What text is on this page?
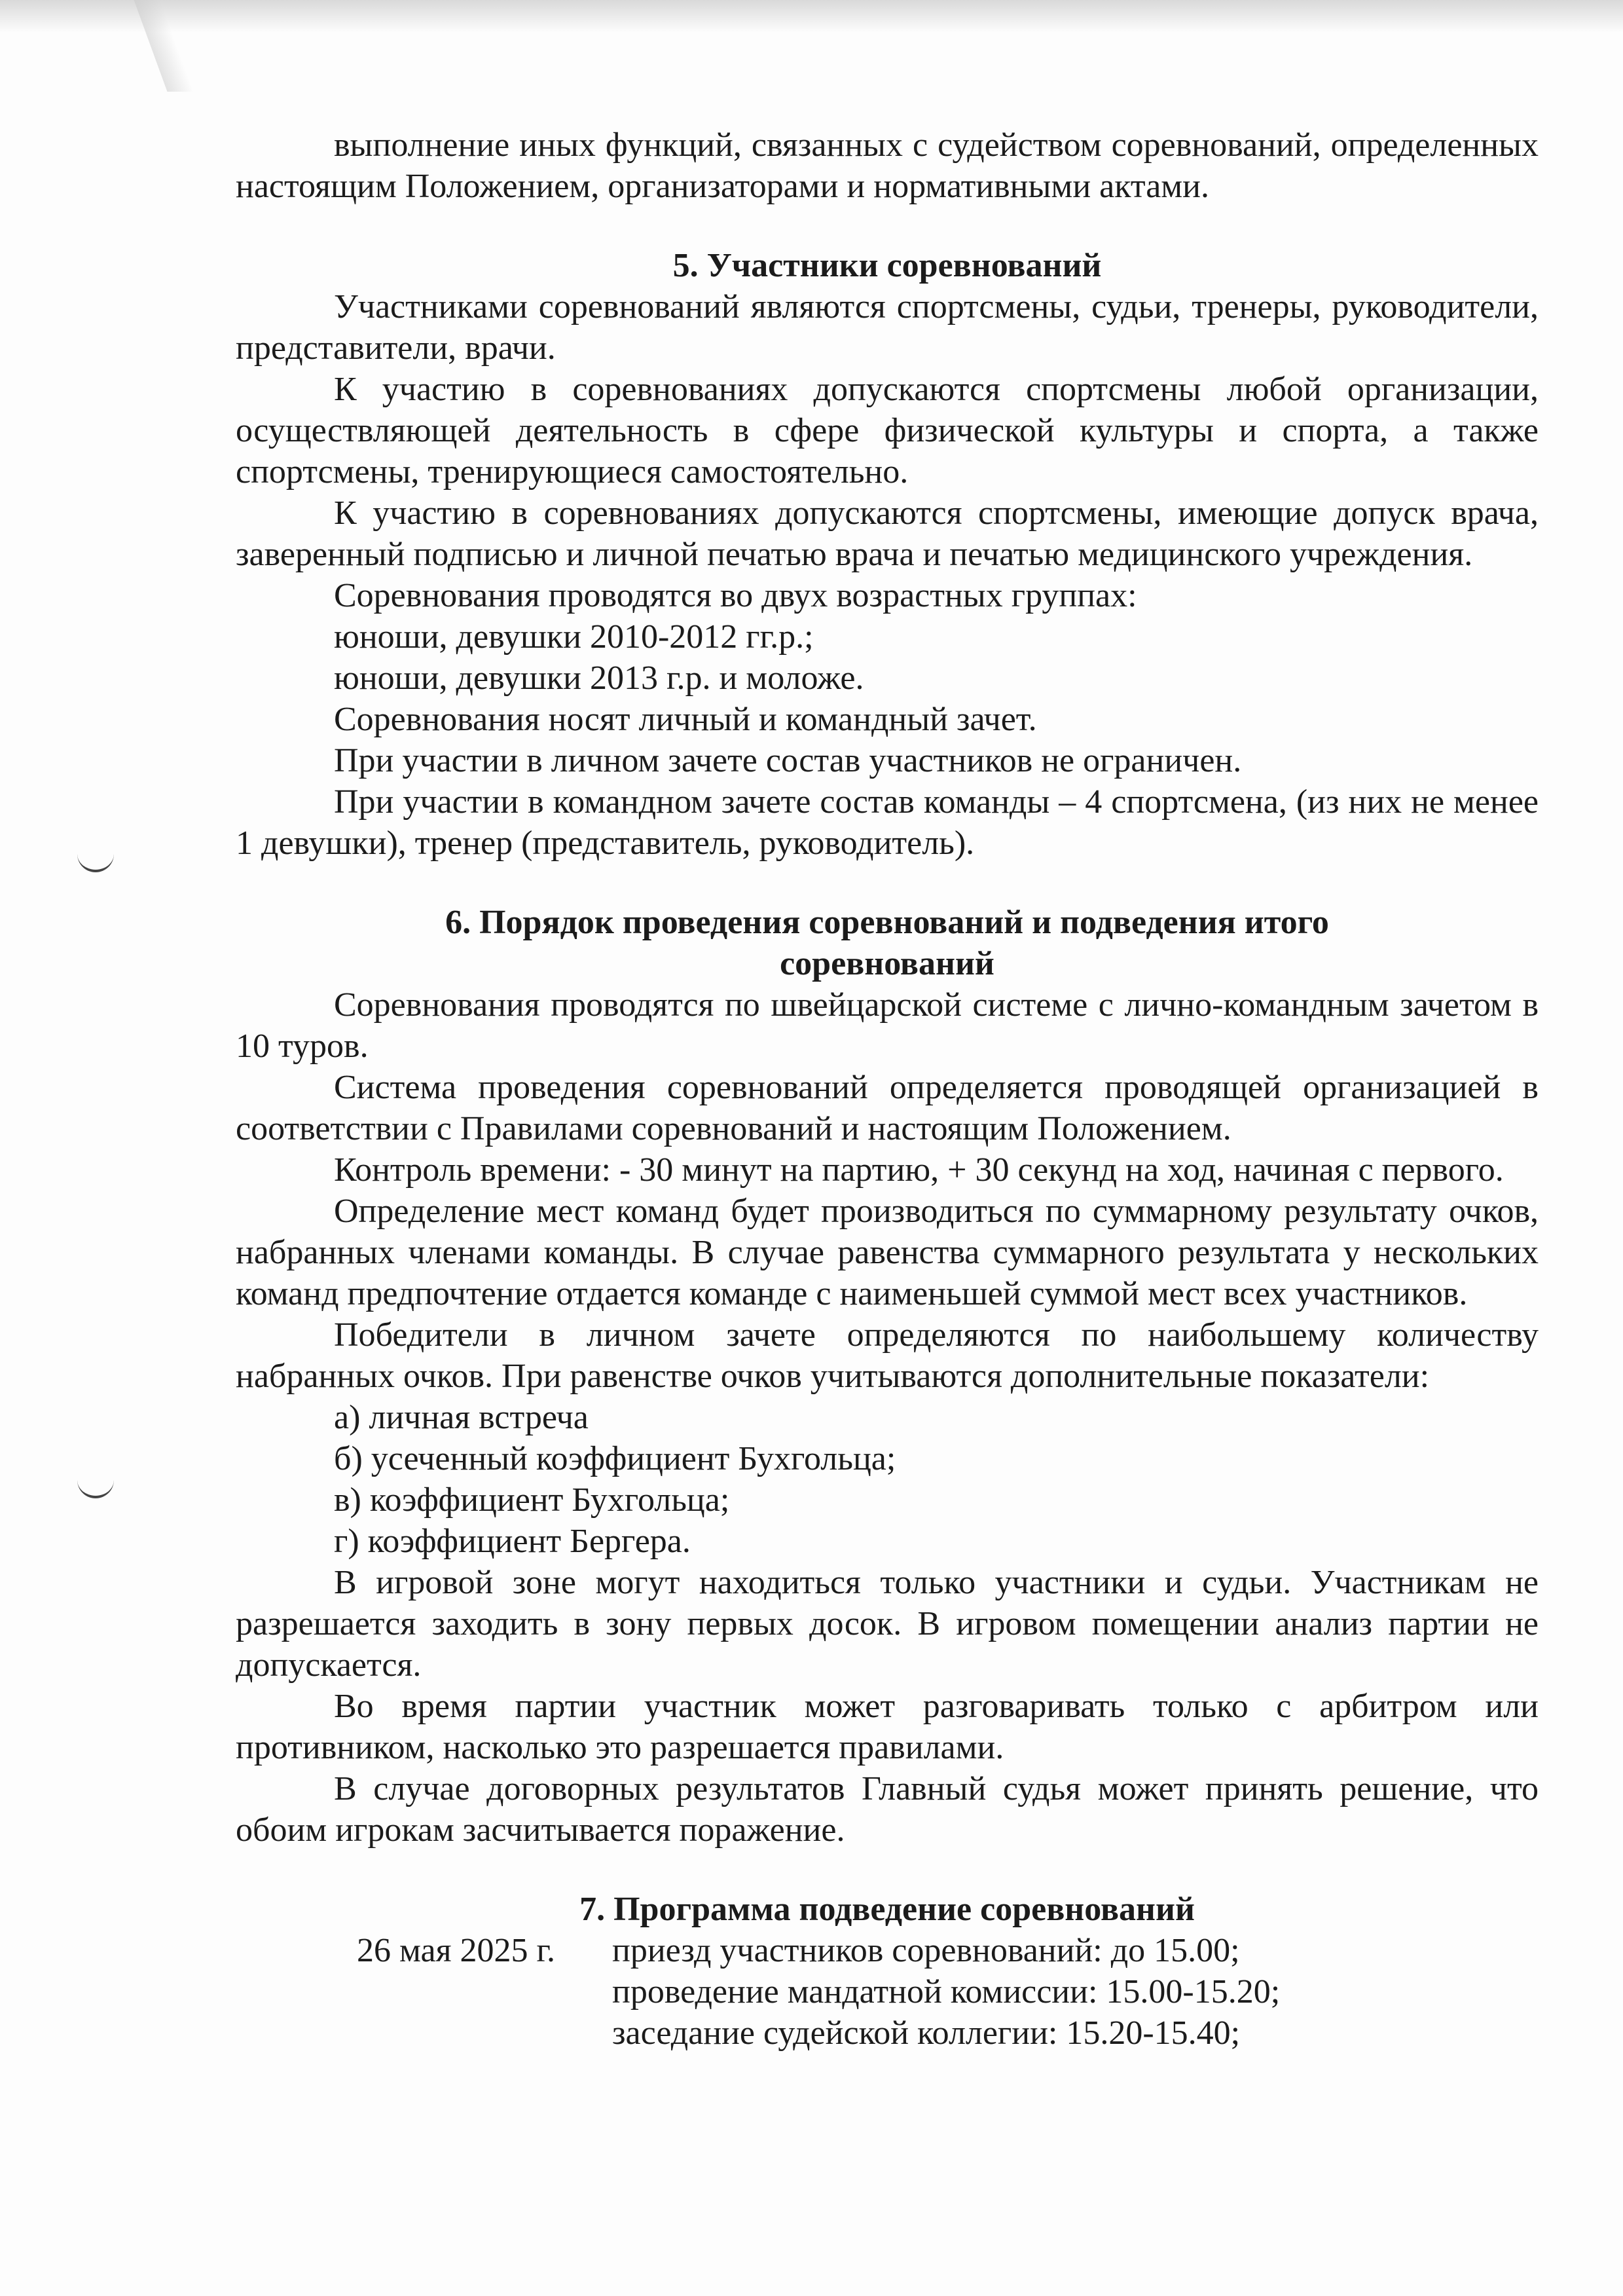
выполнение иных функций, связанных с судейством соревнований, определенных настоящим Положением, организаторами и нормативными актами.

5. Участники соревнований

Участниками соревнований являются спортсмены, судьи, тренеры, руководители, представители, врачи.

К участию в соревнованиях допускаются спортсмены любой организации, осуществляющей деятельность в сфере физической культуры и спорта, а также спортсмены, тренирующиеся самостоятельно.

К участию в соревнованиях допускаются спортсмены, имеющие допуск врача, заверенный подписью и личной печатью врача и печатью медицинского учреждения.

Соревнования проводятся во двух возрастных группах:

юноши, девушки 2010-2012 гг.р.;

юноши, девушки 2013 г.р. и моложе.

Соревнования носят личный и командный зачет.

При участии в личном зачете состав участников не ограничен.

При участии в командном зачете состав команды – 4 спортсмена, (из них не менее 1 девушки), тренер (представитель, руководитель).

6. Порядок проведения соревнований и подведения итого
соревнований

Соревнования проводятся по швейцарской системе с лично-командным зачетом в 10 туров.

Система проведения соревнований определяется проводящей организацией в соответствии с Правилами соревнований и настоящим Положением.

Контроль времени: - 30 минут на партию, + 30 секунд на ход, начиная с первого.

Определение мест команд будет производиться по суммарному результату очков, набранных членами команды. В случае равенства суммарного результата у нескольких команд предпочтение отдается команде с наименьшей суммой мест всех участников.

Победители в личном зачете определяются по наибольшему количеству набранных очков. При равенстве очков учитываются дополнительные показатели:

а) личная встреча

б) усеченный коэффициент Бухгольца;

в) коэффициент Бухгольца;

г) коэффициент Бергера.

В игровой зоне могут находиться только участники и судьи. Участникам не разрешается заходить в зону первых досок. В игровом помещении анализ партии не допускается.

Во время партии участник может разговаривать только с арбитром или противником, насколько это разрешается правилами.

В случае договорных результатов Главный судья может принять решение, что обоим игрокам засчитывается поражение.

7. Программа подведение соревнований
26 мая 2025 г.	приезд участников соревнований: до 15.00;
проведение мандатной комиссии: 15.00-15.20;
заседание судейской коллегии: 15.20-15.40;
